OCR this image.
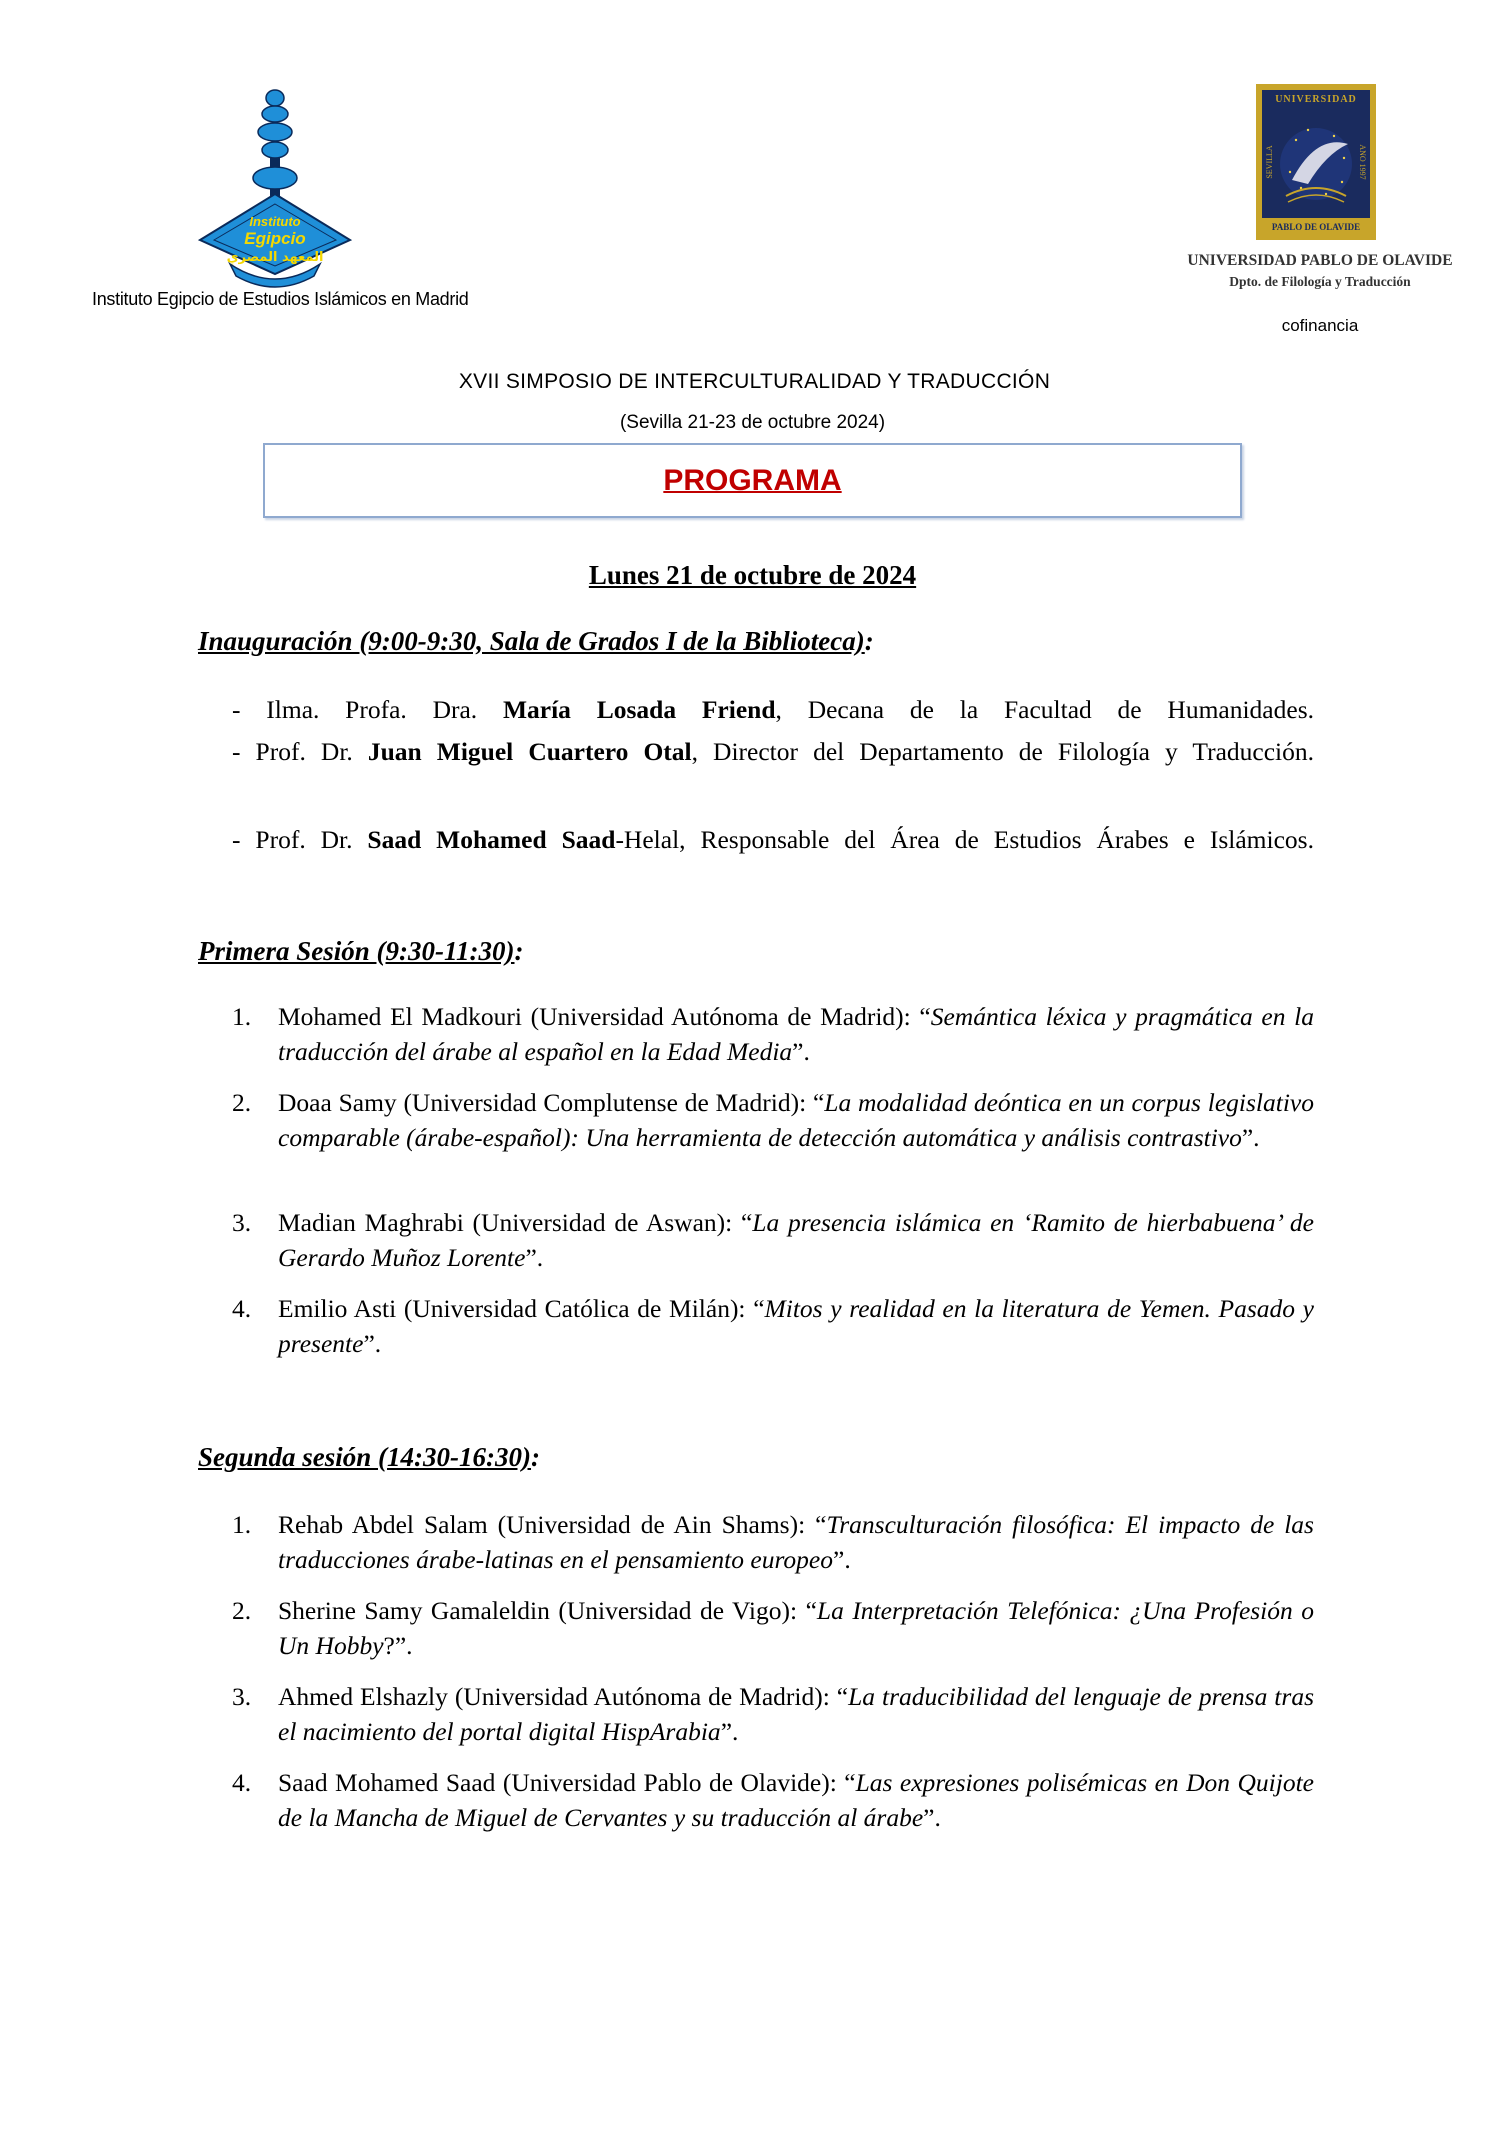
Instituto
Egipcio
المعهد المصري
Instituto Egipcio de Estudios Islámicos en Madrid
UNIVERSIDAD
SEVILLA	ANO 1997
PABLO DE OLAVIDE
UNIVERSIDAD PABLO DE OLAVIDE
Dpto. de Filología y Traducción
cofinancia
XVII SIMPOSIO DE INTERCULTURALIDAD Y TRADUCCIÓN
(Sevilla 21-23 de octubre 2024)
PROGRAMA
Lunes 21 de octubre de 2024
Inauguración (9:00-9:30, Sala de Grados I de la Biblioteca):
- Ilma. Profa. Dra. María Losada Friend, Decana de la Facultad de Humanidades.
- Prof. Dr. Juan Miguel Cuartero Otal, Director del Departamento de Filología y Traducción.
- Prof. Dr. Saad Mohamed Saad-Helal, Responsable del Área de Estudios Árabes e Islámicos.
Primera Sesión (9:30-11:30):
1.	Mohamed El Madkouri (Universidad Autónoma de Madrid): “Semántica léxica y pragmática en la traducción del árabe al español en la Edad Media”.
2.	Doaa Samy (Universidad Complutense de Madrid): “La modalidad deóntica en un corpus legislativo comparable (árabe-español): Una herramienta de detección automática y análisis contrastivo”.
3.	Madian Maghrabi (Universidad de Aswan): “La presencia islámica en ‘Ramito de hierbabuena’ de Gerardo Muñoz Lorente”.
4.	Emilio Asti (Universidad Católica de Milán): “Mitos y realidad en la literatura de Yemen. Pasado y presente”.
Segunda sesión (14:30-16:30):
1.	Rehab Abdel Salam (Universidad de Ain Shams): “Transculturación filosófica: El impacto de las traducciones árabe-latinas en el pensamiento europeo”.
2.	Sherine Samy Gamaleldin (Universidad de Vigo): “La Interpretación Telefónica: ¿Una Profesión o Un Hobby?”.
3.	Ahmed Elshazly (Universidad Autónoma de Madrid): “La traducibilidad del lenguaje de prensa tras el nacimiento del portal digital HispArabia”.
4.	Saad Mohamed Saad (Universidad Pablo de Olavide): “Las expresiones polisémicas en Don Quijote de la Mancha de Miguel de Cervantes y su traducción al árabe”.
